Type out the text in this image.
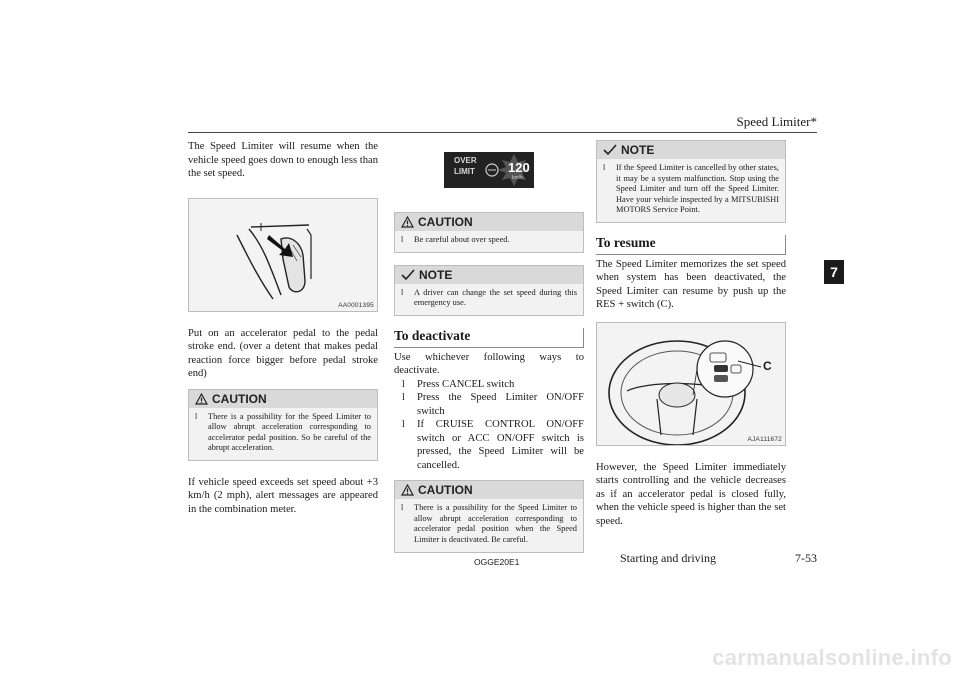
Speed Limiter*
7

The Speed Limiter will resume when the vehicle speed goes down to enough less than the set speed.

AA0001395

Put on an accelerator pedal to the pedal stroke end. (over a detent that makes pedal reaction force bigger before pedal stroke end)

CAUTION
l	There is a possibility for the Speed Limiter to allow abrupt acceleration corresponding to accelerator pedal position. So be careful of the abrupt acceleration.

If vehicle speed exceeds set speed about +3 km/h (2 mph), alert messages are appeared in the combination meter.

OVER
LIMIT	120
km/h
CAUTION
l	Be careful about over speed.
NOTE
l	A driver can change the set speed during this emergency use.
To deactivate

Use whichever following ways to deactivate.

l	Press CANCEL switch
l	Press the Speed Limiter ON/OFF switch
l	If CRUISE CONTROL ON/OFF switch or ACC ON/OFF switch is pressed, the Speed Limiter will be cancelled.
CAUTION
l	There is a possibility for the Speed Limiter to allow abrupt acceleration corresponding to accelerator pedal position when the Speed Limiter is deactivated. Be careful.
NOTE
l	If the Speed Limiter is cancelled by other states, it may be a system malfunction. Stop using the Speed Limiter and turn off the Speed Limiter. Have your vehicle inspected by a MITSUBISHI MOTORS Service Point.
To resume

The Speed Limiter memorizes the set speed when system has been deactivated, the Speed Limiter can resume by push up the RES + switch (C).

C
AJA111672

However, the Speed Limiter immediately starts controlling and the vehicle decreases as if an accelerator pedal is closed fully, when the vehicle speed is higher than the set speed.

OGGE20E1	Starting and driving	7-53
carmanualsonline.info
